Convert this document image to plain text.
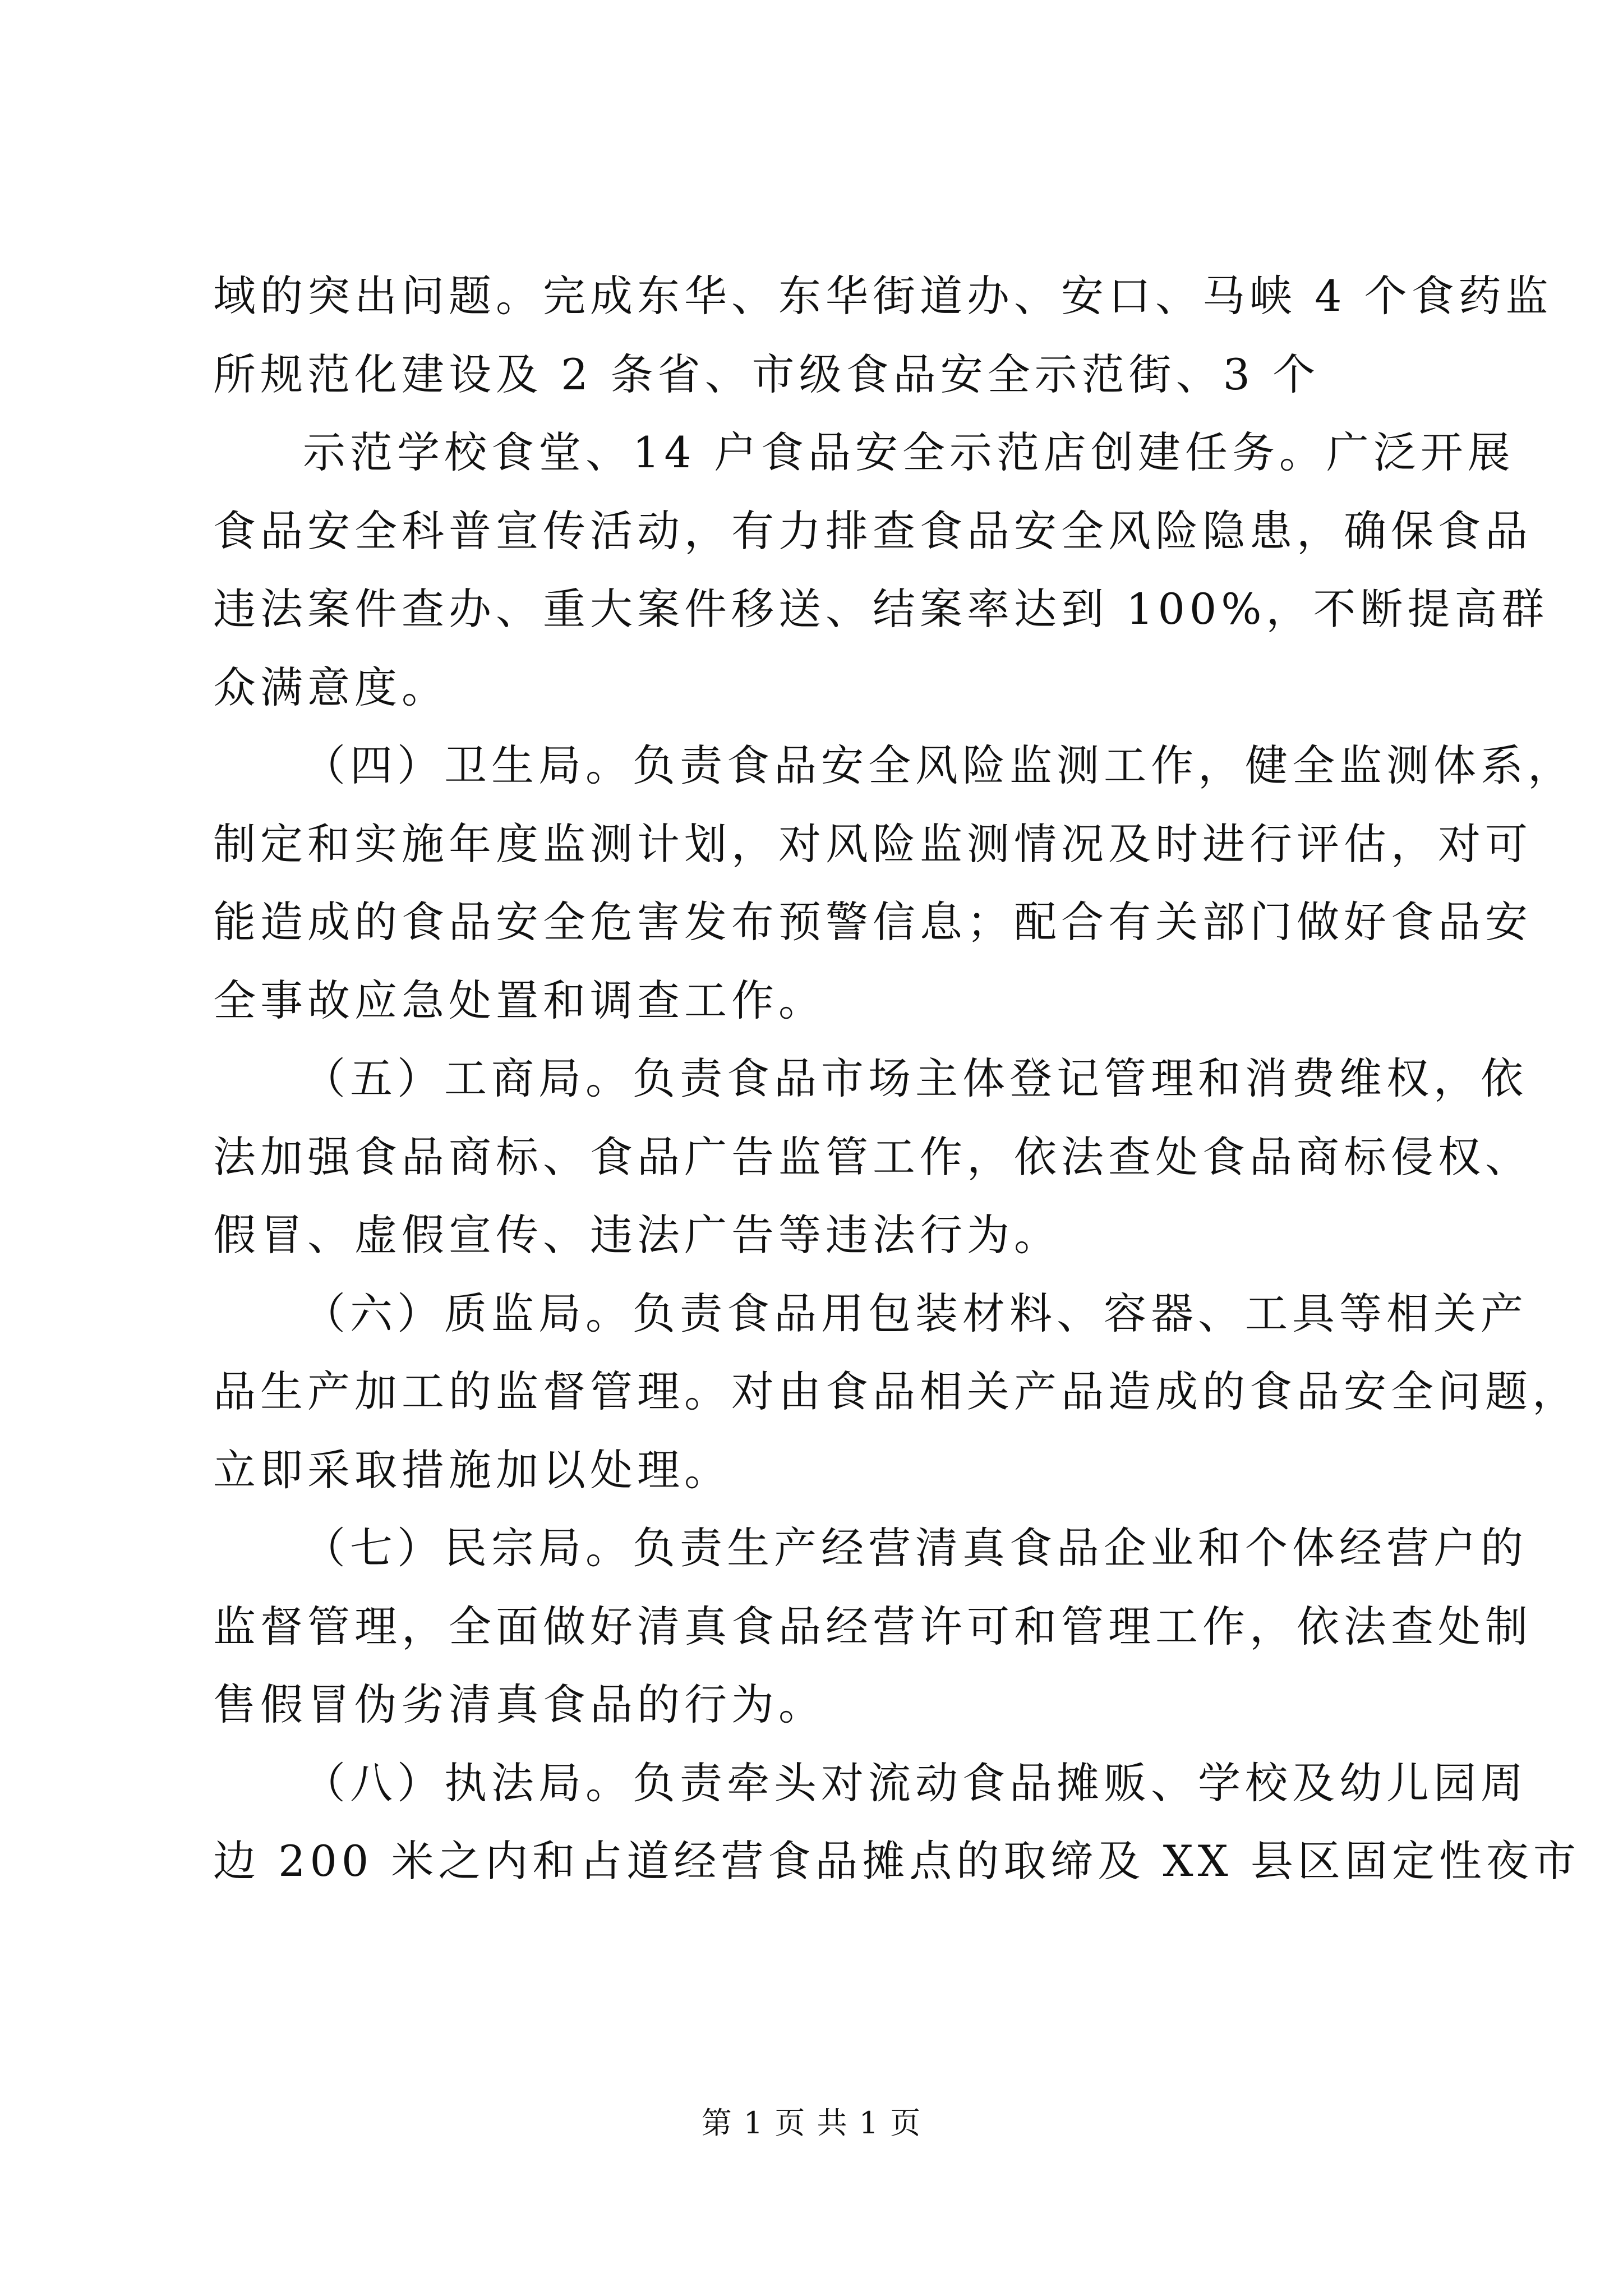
域的突出问题。完成东华、东华街道办、安口、马峡 4 个食药监
所规范化建设及 2 条省、市级食品安全示范街、3 个
示范学校食堂、14 户食品安全示范店创建任务。广泛开展
食品安全科普宣传活动，有力排查食品安全风险隐患，确保食品
违法案件查办、重大案件移送、结案率达到 100%，不断提高群
众满意度。
（四）卫生局。负责食品安全风险监测工作，健全监测体系，
制定和实施年度监测计划，对风险监测情况及时进行评估，对可
能造成的食品安全危害发布预警信息；配合有关部门做好食品安
全事故应急处置和调查工作。
（五）工商局。负责食品市场主体登记管理和消费维权，依
法加强食品商标、食品广告监管工作，依法查处食品商标侵权、
假冒、虚假宣传、违法广告等违法行为。
（六）质监局。负责食品用包装材料、容器、工具等相关产
品生产加工的监督管理。对由食品相关产品造成的食品安全问题，
立即采取措施加以处理。
（七）民宗局。负责生产经营清真食品企业和个体经营户的
监督管理，全面做好清真食品经营许可和管理工作，依法查处制
售假冒伪劣清真食品的行为。
（八）执法局。负责牵头对流动食品摊贩、学校及幼儿园周
边 200 米之内和占道经营食品摊点的取缔及 XX 县区固定性夜市
第 1 页 共 1 页
